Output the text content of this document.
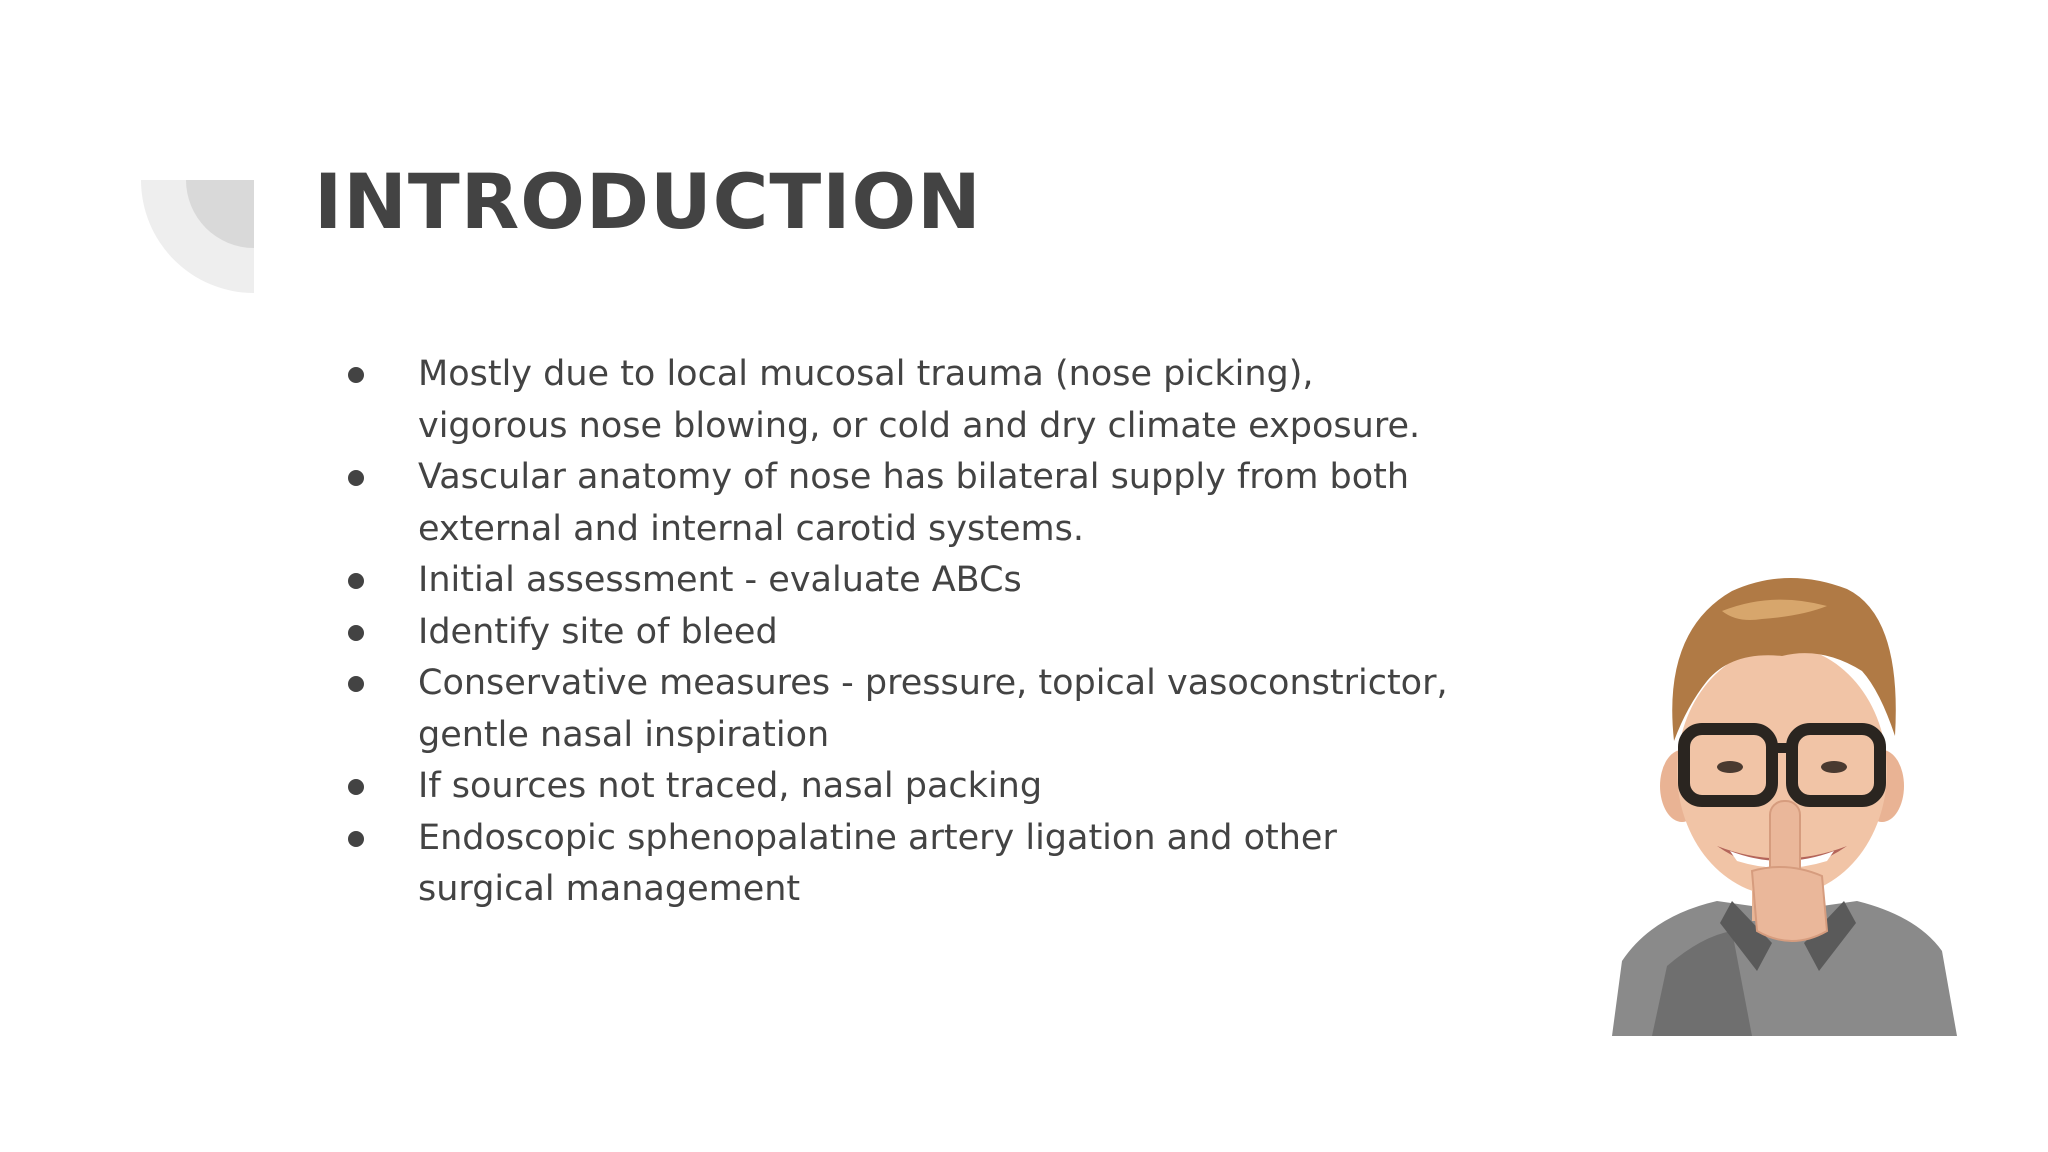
INTRODUCTION
Mostly due to local mucosal trauma (nose picking), vigorous nose blowing, or cold and dry climate exposure.
Vascular anatomy of nose has bilateral supply from both external and internal carotid systems.
Initial assessment - evaluate ABCs
Identify site of bleed
Conservative measures - pressure, topical vasoconstrictor, gentle nasal inspiration
If sources not traced, nasal packing
Endoscopic sphenopalatine artery ligation and other surgical management
